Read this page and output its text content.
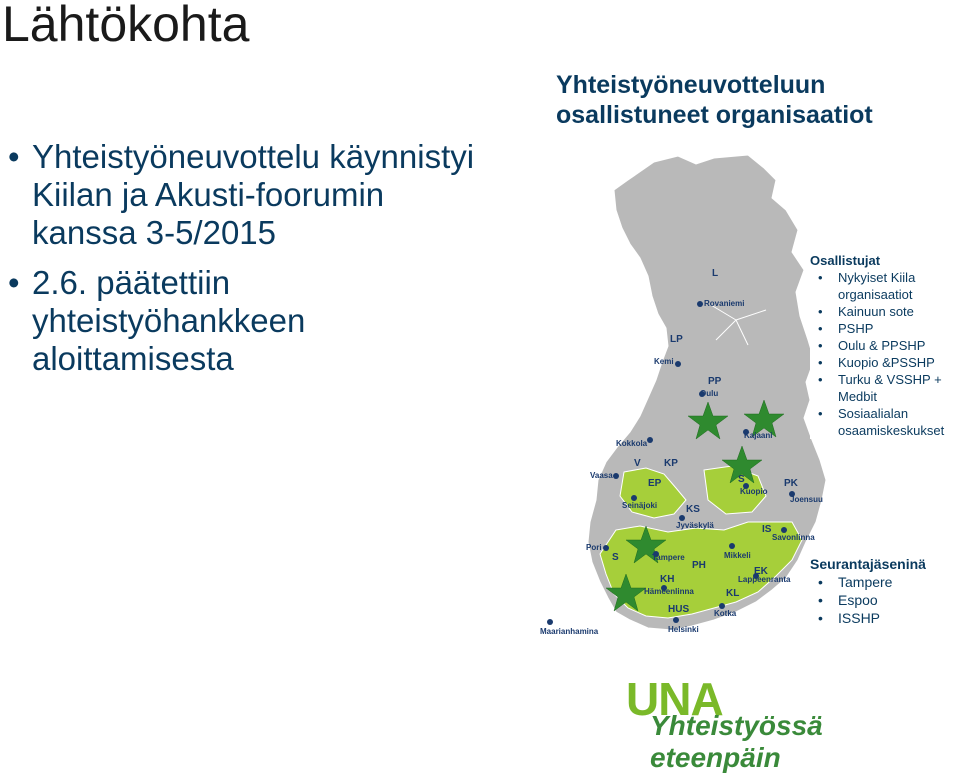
Lähtökohta
• Yhteistyöneuvottelu käynnistyi Kiilan ja Akusti-foorumin kanssa 3-5/2015
• 2.6. päätettiin yhteistyöhankkeen aloittamisesta
Yhteistyöneuvotteluun
osallistuneet organisaatiot
L
LP
PP
KP
V
EP
KS
S	PK
IS
S
PH
KH
EK
KL
HUS
Rovaniemi
Kemi
Oulu
Kajaani
Kokkola
Vaasa
Seinäjoki
Kuopio
Joensuu
Jyväskylä
Savonlinna
Pori
Tampere	Mikkeli
Hämeenlinna
Lappeenranta
Kotka
Helsinki
Maarianhamina
Osallistujat
• Nykyiset Kiila organisaatiot
• Kainuun sote
• PSHP
• Oulu & PPSHP
• Kuopio &PSSHP
• Turku & VSSHP + Medbit
• Sosiaalialan osaamiskeskukset
Seurantajäseninä
• Tampere
• Espoo
• ISSHP
UNA
Yhteistyössä eteenpäin
